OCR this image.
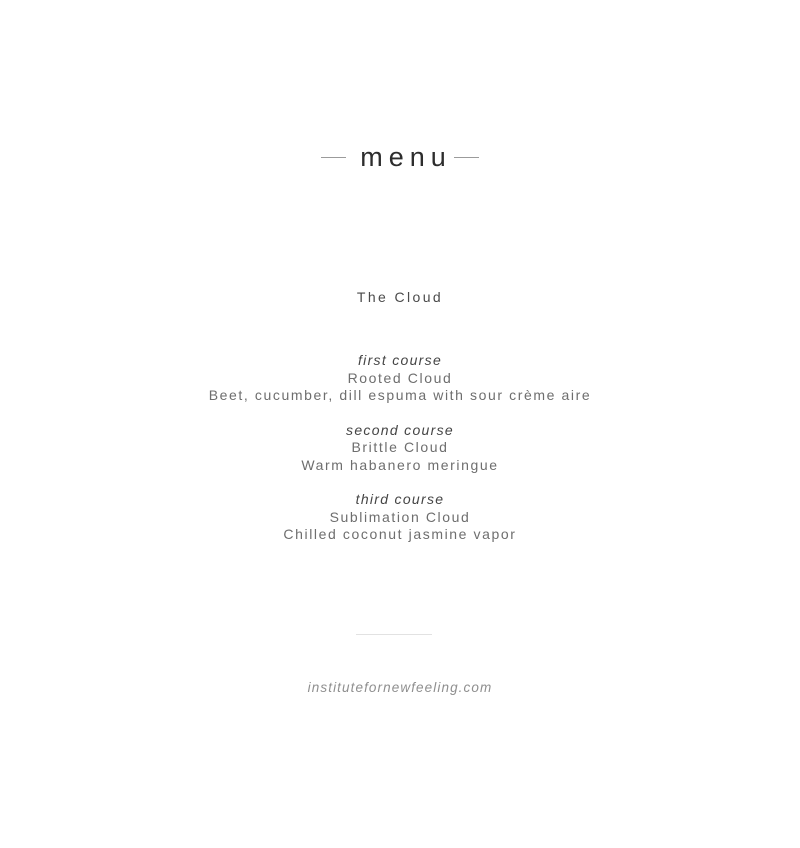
menu
The Cloud
first course
Rooted Cloud
Beet, cucumber, dill espuma with sour crème aire
second course
Brittle Cloud
Warm habanero meringue
third course
Sublimation Cloud
Chilled coconut jasmine vapor
institutefornewfeeling.com
